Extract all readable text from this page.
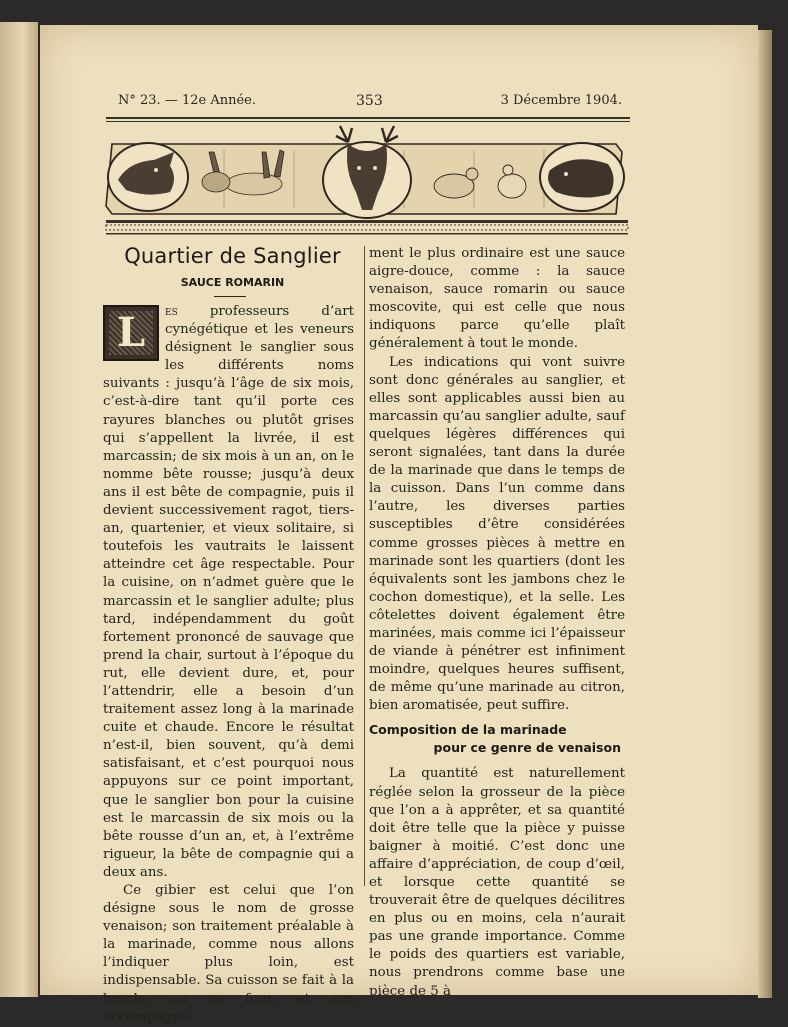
N° 23. — 12e Année.	353	3 Décembre 1904.
Quartier de Sanglier
SAUCE ROMARIN

L es professeurs d’art cynégétique et les veneurs désignent le sanglier sous les différents noms suivants : jusqu’à l’âge de six mois, c’est-à-dire tant qu’il porte ces rayures blanches ou plutôt grises qui s’appellent la livrée, il est marcassin; de six mois à un an, on le nomme bête rousse; jusqu’à deux ans il est bête de compagnie, puis il devient successivement ragot, tiers-an, quartenier, et vieux solitaire, si toutefois les vautraits le laissent atteindre cet âge respectable. Pour la cuisine, on n’admet guère que le marcassin et le sanglier adulte; plus tard, indépendamment du goût fortement prononcé de sauvage que prend la chair, surtout à l’époque du rut, elle devient dure, et, pour l’attendrir, elle a besoin d’un traitement assez long à la marinade cuite et chaude. Encore le résultat n’est-il, bien souvent, qu’à demi satisfaisant, et c’est pourquoi nous appuyons sur ce point important, que le sanglier bon pour la cuisine est le marcassin de six mois ou la bête rousse d’un an, et, à l’extrême rigueur, la bête de compagnie qui a deux ans.

Ce gibier est celui que l’on désigne sous le nom de grosse venaison; son traitement préalable à la marinade, comme nous allons l’indiquer plus loin, est indispensable. Sa cuisson se fait à la broche ou au four, et son accompagne-

ment le plus ordinaire est une sauce aigre-douce, comme : la sauce venaison, sauce romarin ou sauce moscovite, qui est celle que nous indiquons parce qu’elle plaît généralement à tout le monde.

Les indications qui vont suivre sont donc générales au sanglier, et elles sont applicables aussi bien au marcassin qu’au sanglier adulte, sauf quelques légères différences qui seront signalées, tant dans la durée de la marinade que dans le temps de la cuisson. Dans l’un comme dans l’autre, les diverses parties susceptibles d’être considérées comme grosses pièces à mettre en marinade sont les quartiers (dont les équivalents sont les jambons chez le cochon domestique), et la selle. Les côtelettes doivent également être marinées, mais comme ici l’épaisseur de viande à pénétrer est infiniment moindre, quelques heures suffisent, de même qu’une marinade au citron, bien aromatisée, peut suffire.

Composition de la marinade
pour ce genre de venaison

La quantité est naturellement réglée selon la grosseur de la pièce que l’on a à apprêter, et sa quantité doit être telle que la pièce y puisse baigner à moitié. C’est donc une affaire d’appréciation, de coup d’œil, et lorsque cette quantité se trouverait être de quelques décilitres en plus ou en moins, cela n’aurait pas une grande importance. Comme le poids des quartiers est variable, nous prendrons comme base une pièce de 5 à
